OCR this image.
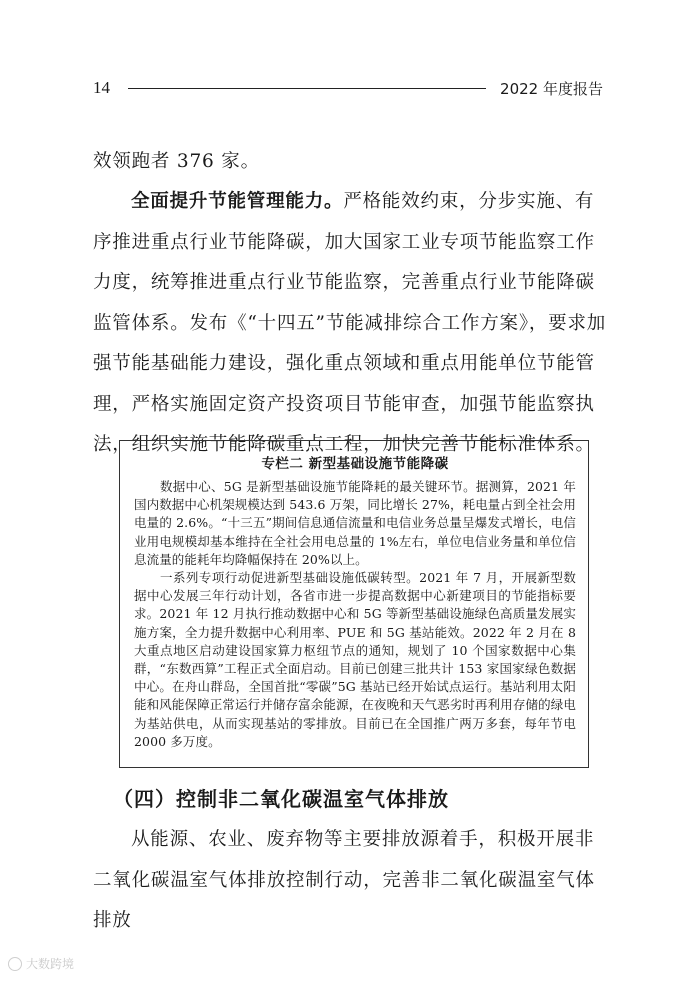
14	2022 年度报告

效领跑者 376 家。

全面提升节能管理能力。严格能效约束，分步实施、有序推进重点行业节能降碳，加大国家工业专项节能监察工作力度，统筹推进重点行业节能监察，完善重点行业节能降碳监管体系。发布《“十四五”节能减排综合工作方案》，要求加强节能基础能力建设，强化重点领域和重点用能单位节能管理，严格实施固定资产投资项目节能审查，加强节能监察执法，组织实施节能降碳重点工程，加快完善节能标准体系。

专栏二 新型基础设施节能降碳

数据中心、5G 是新型基础设施节能降耗的最关键环节。据测算，2021 年国内数据中心机架规模达到 543.6 万架，同比增长 27%，耗电量占到全社会用电量的 2.6%。“十三五”期间信息通信流量和电信业务总量呈爆发式增长，电信业用电规模却基本维持在全社会用电总量的 1%左右，单位电信业务量和单位信息流量的能耗年均降幅保持在 20%以上。

一系列专项行动促进新型基础设施低碳转型。2021 年 7 月，开展新型数据中心发展三年行动计划，各省市进一步提高数据中心新建项目的节能指标要求。2021 年 12 月执行推动数据中心和 5G 等新型基础设施绿色高质量发展实施方案，全力提升数据中心利用率、PUE 和 5G 基站能效。2022 年 2 月在 8 大重点地区启动建设国家算力枢纽节点的通知，规划了 10 个国家数据中心集群，“东数西算”工程正式全面启动。目前已创建三批共计 153 家国家绿色数据中心。在舟山群岛，全国首批“零碳”5G 基站已经开始试点运行。基站利用太阳能和风能保障正常运行并储存富余能源，在夜晚和天气恶劣时再利用存储的绿电为基站供电，从而实现基站的零排放。目前已在全国推广两万多套，每年节电 2000 多万度。

（四）控制非二氧化碳温室气体排放

从能源、农业、废弃物等主要排放源着手，积极开展非二氧化碳温室气体排放控制行动，完善非二氧化碳温室气体排放

大数跨境
